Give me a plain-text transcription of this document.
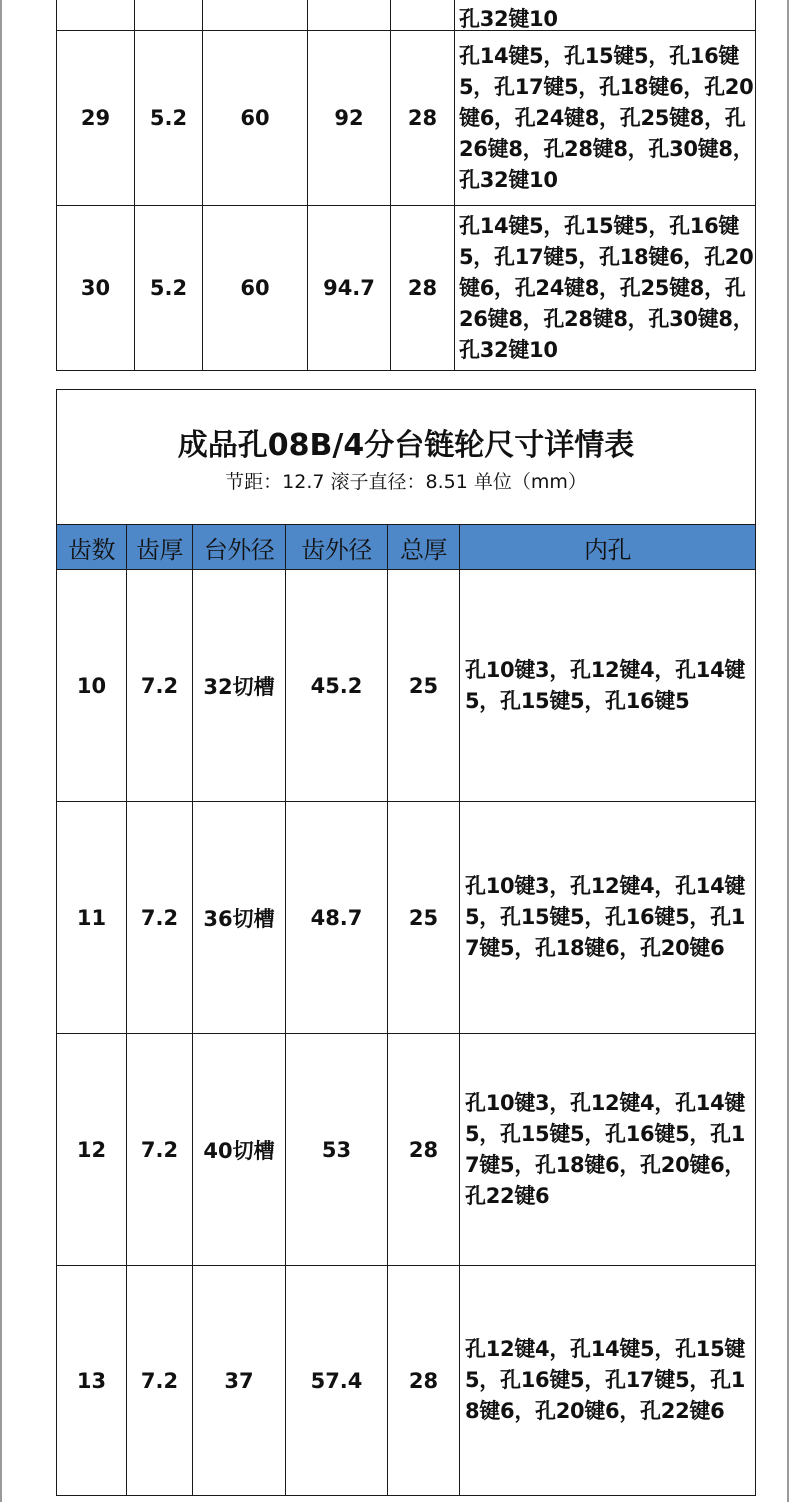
					孔32键10
29	5.2	60	92	28	孔14键5，孔15键5，孔16键5，孔17键5，孔18键6，孔20键6，孔24键8，孔25键8，孔26键8，孔28键8，孔30键8，孔32键10
30	5.2	60	94.7	28	孔14键5，孔15键5，孔16键5，孔17键5，孔18键6，孔20键6，孔24键8，孔25键8，孔26键8，孔28键8，孔30键8，孔32键10
成品孔08B/4分台链轮尺寸详情表
节距：12.7 滚子直径：8.51 单位（mm）					

齿数	齿厚	台外径	齿外径	总厚	内孔
10	7.2	32切槽	45.2	25	孔10键3，孔12键4，孔14键5，孔15键5，孔16键5
11	7.2	36切槽	48.7	25	孔10键3，孔12键4，孔14键5，孔15键5，孔16键5，孔17键5，孔18键6，孔20键6
12	7.2	40切槽	53	28	孔10键3，孔12键4，孔14键5，孔15键5，孔16键5，孔17键5，孔18键6，孔20键6，孔22键6
13	7.2	37	57.4	28	孔12键4，孔14键5，孔15键5，孔16键5，孔17键5，孔18键6，孔20键6，孔22键6
